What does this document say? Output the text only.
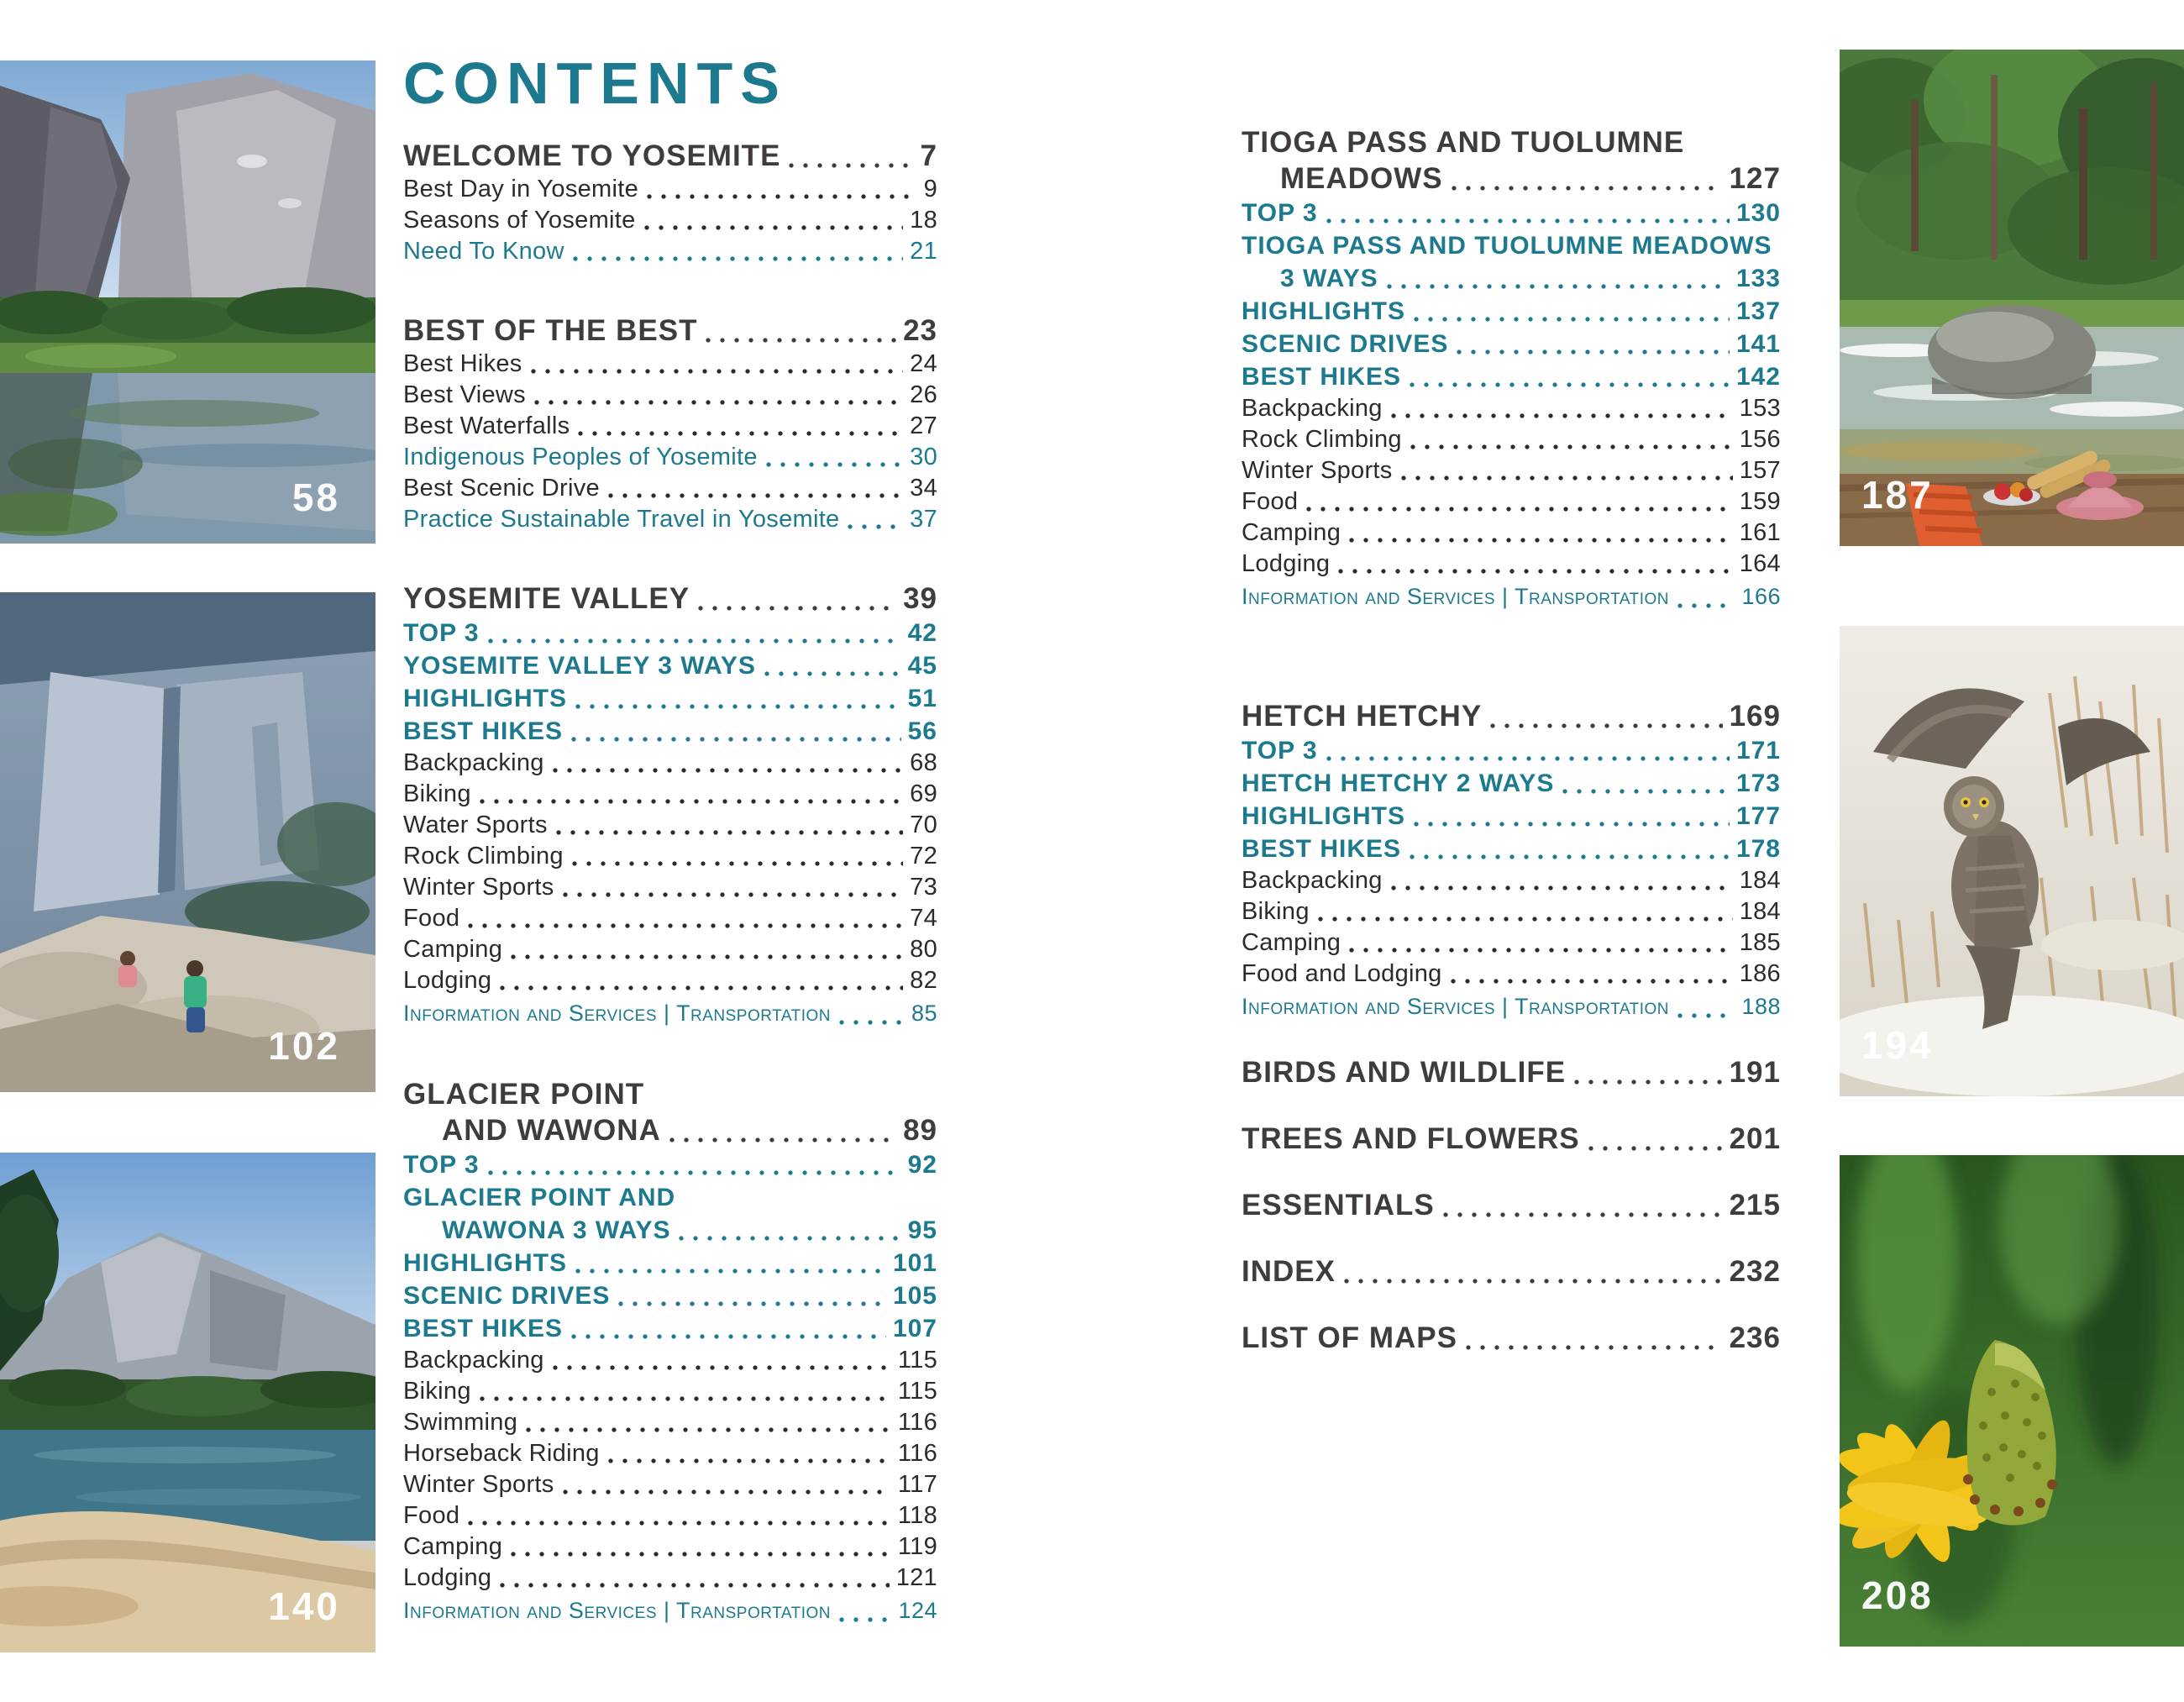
58
102
140
CONTENTS
WELCOME TO YOSEMITE	7
Best Day in Yosemite	9
Seasons of Yosemite	18
Need To Know	21
BEST OF THE BEST	23
Best Hikes	24
Best Views	26
Best Waterfalls	27
Indigenous Peoples of Yosemite	30
Best Scenic Drive	34
Practice Sustainable Travel in Yosemite	37
YOSEMITE VALLEY	39
TOP 3	42
YOSEMITE VALLEY 3 WAYS	45
HIGHLIGHTS	51
BEST HIKES	56
Backpacking	68
Biking	69
Water Sports	70
Rock Climbing	72
Winter Sports	73
Food	74
Camping	80
Lodging	82
Information and Services | Transportation	85
GLACIER POINT
AND WAWONA	89
TOP 3	92
GLACIER POINT AND
WAWONA 3 WAYS	95
HIGHLIGHTS	101
SCENIC DRIVES	105
BEST HIKES	107
Backpacking	115
Biking	115
Swimming	116
Horseback Riding	116
Winter Sports	117
Food	118
Camping	119
Lodging	121
Information and Services | Transportation	124
TIOGA PASS AND TUOLUMNE
MEADOWS	127
TOP 3	130
TIOGA PASS AND TUOLUMNE MEADOWS
3 WAYS	133
HIGHLIGHTS	137
SCENIC DRIVES	141
BEST HIKES	142
Backpacking	153
Rock Climbing	156
Winter Sports	157
Food	159
Camping	161
Lodging	164
Information and Services | Transportation	166
HETCH HETCHY	169
TOP 3	171
HETCH HETCHY 2 WAYS	173
HIGHLIGHTS	177
BEST HIKES	178
Backpacking	184
Biking	184
Camping	185
Food and Lodging	186
Information and Services | Transportation	188
BIRDS AND WILDLIFE	191
TREES AND FLOWERS	201
ESSENTIALS	215
INDEX	232
LIST OF MAPS	236
187
194
208
